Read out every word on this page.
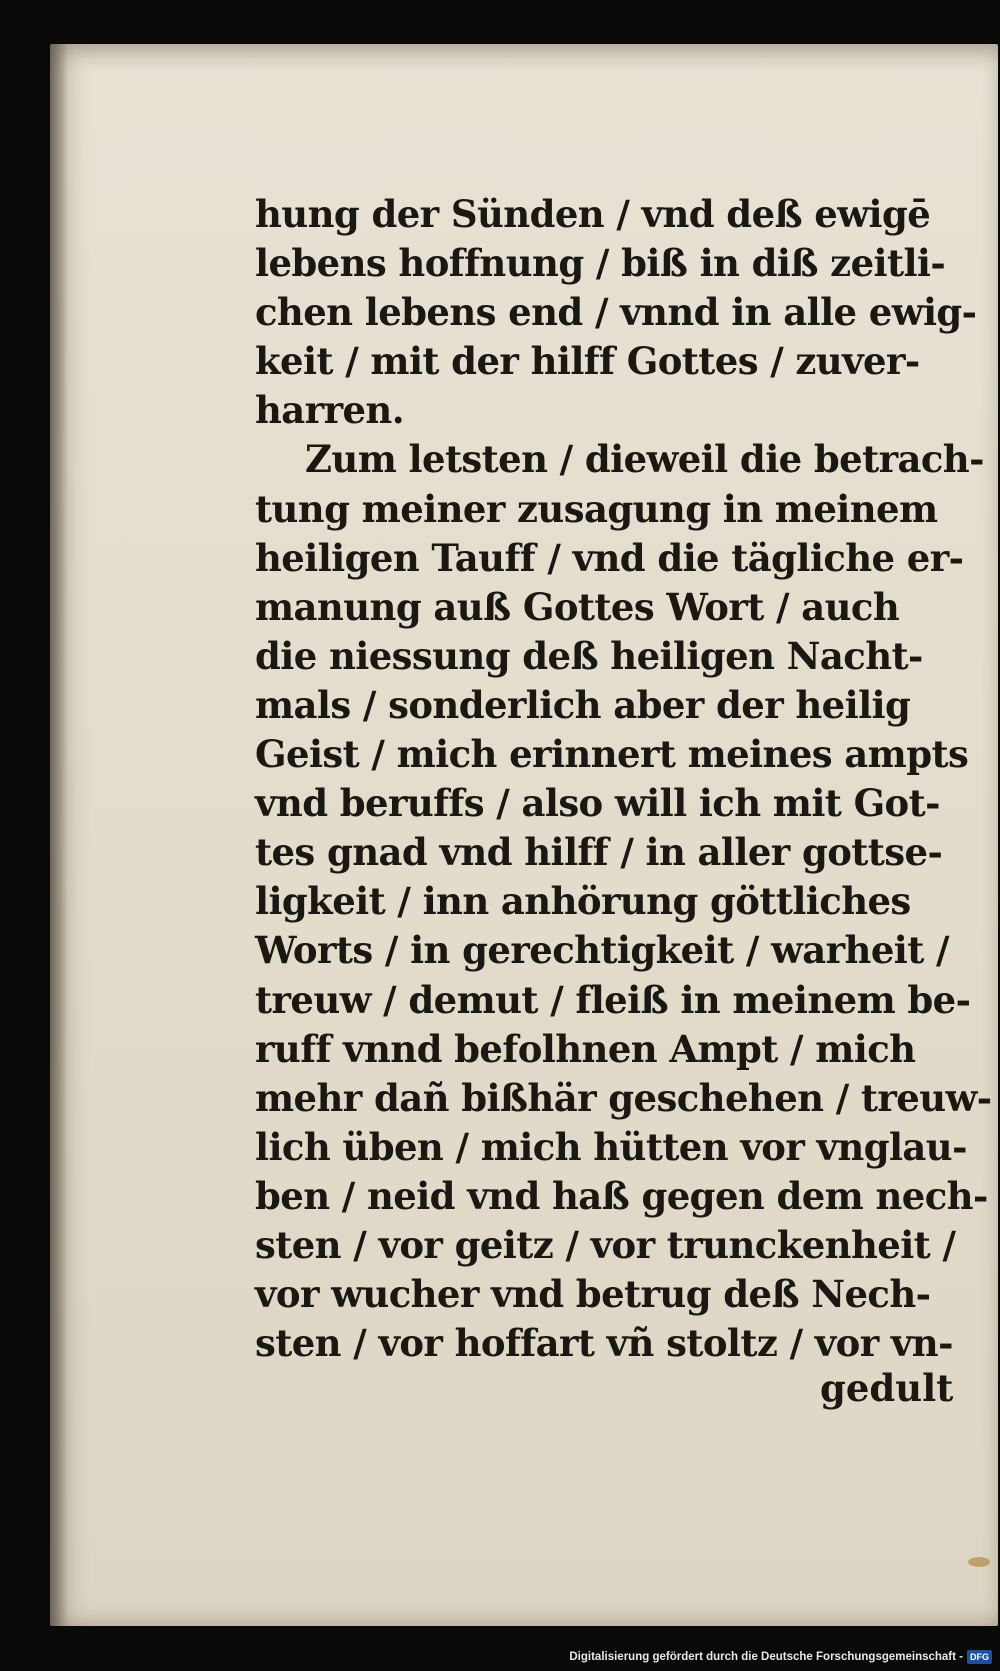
hung der Sünden / vnd deß ewigē
lebens hoffnung / biß in diß zeitli-
chen lebens end / vnnd in alle ewig-
keit / mit der hilff Gottes / zuver-
harren.
Zum letsten / dieweil die betrach-
tung meiner zusagung in meinem
heiligen Tauff / vnd die tägliche er-
manung auß Gottes Wort / auch
die niessung deß heiligen Nacht-
mals / sonderlich aber der heilig
Geist / mich erinnert meines ampts
vnd beruffs / also will ich mit Got-
tes gnad vnd hilff / in aller gottse-
ligkeit / inn anhörung göttliches
Worts / in gerechtigkeit / warheit /
treuw / demut / fleiß in meinem be-
ruff vnnd befolhnen Ampt / mich
mehr dañ bißhär geschehen / treuw-
lich üben / mich hütten vor vnglau-
ben / neid vnd haß gegen dem nech-
sten / vor geitz / vor trunckenheit /
vor wucher vnd betrug deß Nech-
sten / vor hoffart vñ stoltz / vor vn-
gedult
Digitalisierung gefördert durch die Deutsche Forschungsgemeinschaft - DFG
